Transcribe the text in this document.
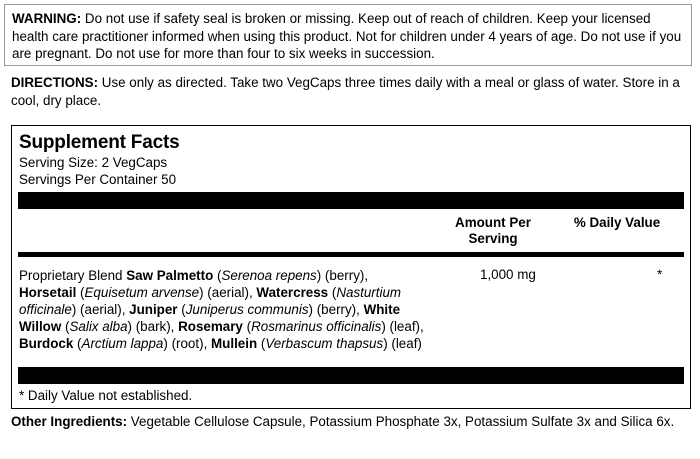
WARNING: Do not use if safety seal is broken or missing. Keep out of reach of children. Keep your licensed health care practitioner informed when using this product. Not for children under 4 years of age. Do not use if you are pregnant. Do not use for more than four to six weeks in succession.
DIRECTIONS: Use only as directed. Take two VegCaps three times daily with a meal or glass of water. Store in a cool, dry place.
Supplement Facts
Serving Size: 2 VegCaps
Servings Per Container 50
Amount Per Serving
% Daily Value
Proprietary Blend Saw Palmetto (Serenoa repens) (berry), Horsetail (Equisetum arvense) (aerial), Watercress (Nasturtium officinale) (aerial), Juniper (Juniperus communis) (berry), White Willow (Salix alba) (bark), Rosemary (Rosmarinus officinalis) (leaf), Burdock (Arctium lappa) (root), Mullein (Verbascum thapsus) (leaf)
1,000 mg	*
* Daily Value not established.
Other Ingredients: Vegetable Cellulose Capsule, Potassium Phosphate 3x, Potassium Sulfate 3x and Silica 6x.
